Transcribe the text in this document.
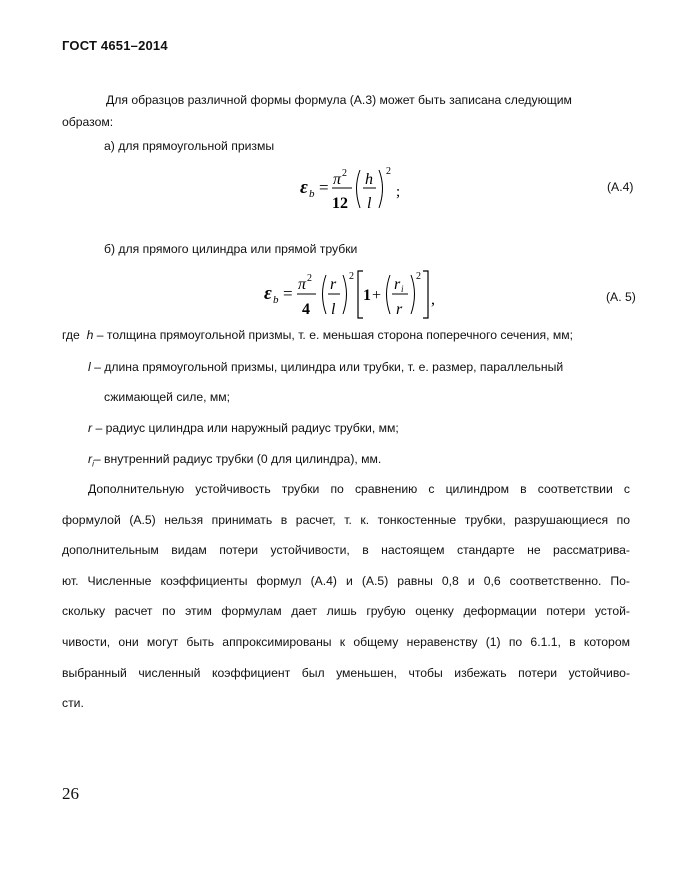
ГОСТ 4651–2014
Для образцов различной формы формула (А.3) может быть записана следующим
образом:
а) для прямоугольной призмы
ε b = π 2
12
h
l
2
;	(А.4)
б) для прямого цилиндра или прямой трубки
ε b = π 2
4
r
l
2
1 +
r i
r
2
,	(А. 5)
где h – толщина прямоугольной призмы, т. е. меньшая сторона поперечного сечения, мм;
l – длина прямоугольной призмы, цилиндра или трубки, т. е. размер, параллельный
сжимающей силе, мм;
r – радиус цилиндра или наружный радиус трубки, мм;
$r_i-$ внутренний радиус трубки (0 для цилиндра), мм.
Дополнительную устойчивость трубки по сравнению с цилиндром в соответствии с
формулой (А.5) нельзя принимать в расчет, т. к. тонкостенные трубки, разрушающиеся по
дополнительным видам потери устойчивости, в настоящем стандарте не рассматрива-
ют. Численные коэффициенты формул (А.4) и (А.5) равны 0,8 и 0,6 соответственно. По-
скольку расчет по этим формулам дает лишь грубую оценку деформации потери устой-
чивости, они могут быть аппроксимированы к общему неравенству (1) по 6.1.1, в котором
выбранный численный коэффициент был уменьшен, чтобы избежать потери устойчиво-
сти.
26
